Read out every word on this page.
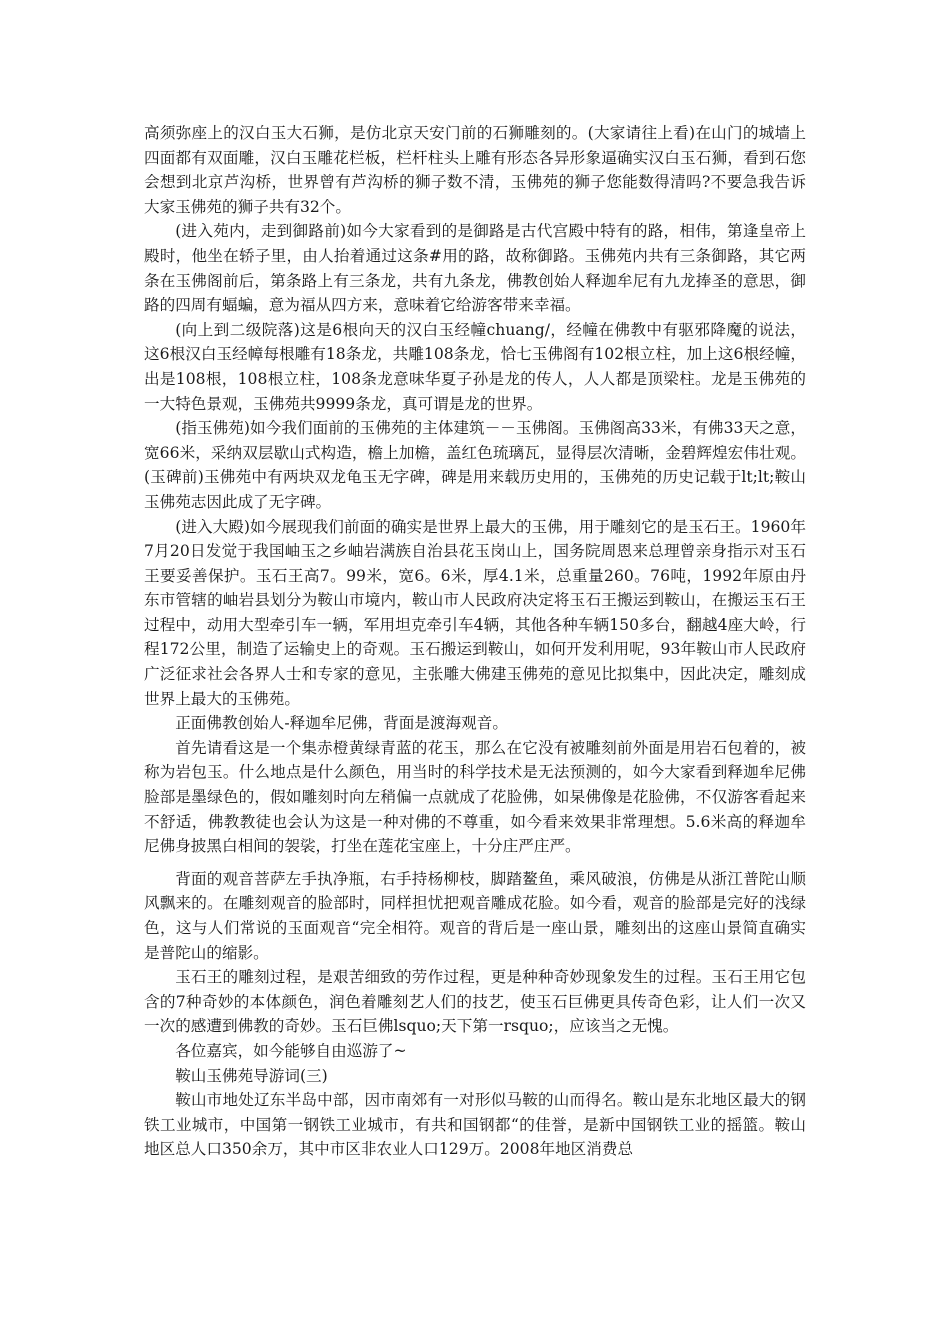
高须弥座上的汉白玉大石狮，是仿北京天安门前的石狮雕刻的。(大家请往上看)在山门的城墙上四面都有双面雕，汉白玉雕花栏板，栏杆柱头上雕有形态各异形象逼确实汉白玉石狮，看到石您会想到北京芦沟桥，世界曾有芦沟桥的狮子数不清，玉佛苑的狮子您能数得清吗?不要急我告诉大家玉佛苑的狮子共有32个。

(进入苑内，走到御路前)如今大家看到的是御路是古代宫殿中特有的路，相伟，第逢皇帝上殿时，他坐在轿子里，由人抬着通过这条#用的路，故称御路。玉佛苑内共有三条御路，其它两条在玉佛阁前后，第条路上有三条龙，共有九条龙，佛教创始人释迦牟尼有九龙捧圣的意思，御路的四周有蝠蝙，意为福从四方来，意味着它给游客带来幸福。

(向上到二级院落)这是6根向天的汉白玉经幢chuang/，经幢在佛教中有驱邪降魔的说法，这6根汉白玉经幛每根雕有18条龙，共雕108条龙，恰七玉佛阁有102根立柱，加上这6根经幢，出是108根，108根立柱，108条龙意味华夏子孙是龙的传人，人人都是顶梁柱。龙是玉佛苑的一大特色景观，玉佛苑共9999条龙，真可谓是龙的世界。

(指玉佛苑)如今我们面前的玉佛苑的主体建筑－－玉佛阁。玉佛阁高33米，有佛33天之意，宽66米，采纳双层歇山式构造，檐上加檐，盖红色琉璃瓦，显得层次清晰，金碧辉煌宏伟壮观。(玉碑前)玉佛苑中有两块双龙龟玉无字碑，碑是用来载历史用的，玉佛苑的历史记载于lt;lt;鞍山玉佛苑志因此成了无字碑。

(进入大殿)如今展现我们前面的确实是世界上最大的玉佛，用于雕刻它的是玉石王。1960年7月20日发觉于我国岫玉之乡岫岩满族自治县花玉岗山上，国务院周恩来总理曾亲身指示对玉石王要妥善保护。玉石王高7。99米，宽6。6米，厚4.1米，总重量260。76吨，1992年原由丹东市管辖的岫岩县划分为鞍山市境内，鞍山市人民政府决定将玉石王搬运到鞍山，在搬运玉石王过程中，动用大型牵引车一辆，军用坦克牵引车4辆，其他各种车辆150多台，翻越4座大岭，行程172公里，制造了运输史上的奇观。玉石搬运到鞍山，如何开发利用呢，93年鞍山市人民政府广泛征求社会各界人士和专家的意见，主张雕大佛建玉佛苑的意见比拟集中，因此决定，雕刻成世界上最大的玉佛苑。

正面佛教创始人-释迦牟尼佛，背面是渡海观音。

首先请看这是一个集赤橙黄绿青蓝的花玉，那么在它没有被雕刻前外面是用岩石包着的，被称为岩包玉。什么地点是什么颜色，用当时的科学技术是无法预测的，如今大家看到释迦牟尼佛脸部是墨绿色的，假如雕刻时向左稍偏一点就成了花脸佛，如杲佛像是花脸佛，不仅游客看起来不舒适，佛教教徒也会认为这是一种对佛的不尊重，如今看来效果非常理想。5.6米高的释迦牟尼佛身披黑白相间的袈裟，打坐在莲花宝座上，十分庄严庄严。

背面的观音菩萨左手执净瓶，右手持杨柳枝，脚踏鳌鱼，乘风破浪，仿佛是从浙江普陀山顺风飘来的。在雕刻观音的脸部时，同样担忧把观音雕成花脸。如今看，观音的脸部是完好的浅绿色，这与人们常说的玉面观音“完全相符。观音的背后是一座山景，雕刻出的这座山景简直确实是普陀山的缩影。

玉石王的雕刻过程，是艰苦细致的劳作过程，更是种种奇妙现象发生的过程。玉石王用它包含的7种奇妙的本体颜色，润色着雕刻艺人们的技艺，使玉石巨佛更具传奇色彩，让人们一次又一次的感遭到佛教的奇妙。玉石巨佛lsquo;天下第一rsquo;，应该当之无愧。

各位嘉宾，如今能够自由巡游了~

鞍山玉佛苑导游词(三)

鞍山市地处辽东半岛中部，因市南郊有一对形似马鞍的山而得名。鞍山是东北地区最大的钢铁工业城市，中国第一钢铁工业城市，有共和国钢都“的佳誉，是新中国钢铁工业的摇篮。鞍山地区总人口350余万，其中市区非农业人口129万。2008年地区消费总
